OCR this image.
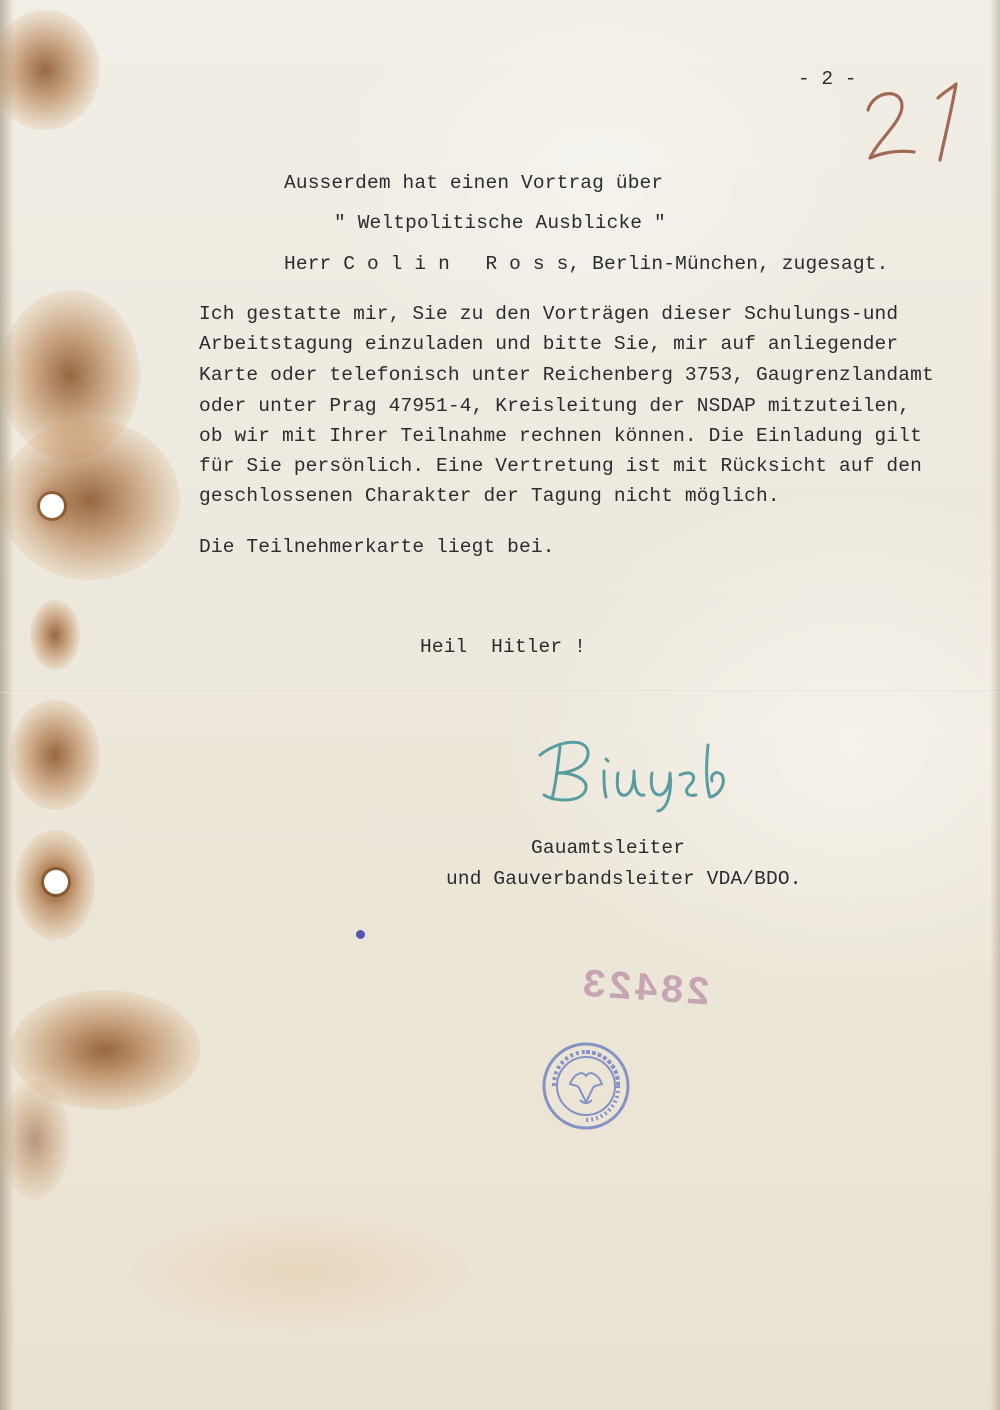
- 2 -
Ausserdem hat einen Vortrag über
" Weltpolitische Ausblicke "
Herr C o l i n   R o s s, Berlin-München, zugesagt.
Ich gestatte mir, Sie zu den Vorträgen dieser Schulungs-und
Arbeitstagung einzuladen und bitte Sie, mir auf anliegender
Karte oder telefonisch unter Reichenberg 3753, Gaugrenzlandamt
oder unter Prag 47951-4, Kreisleitung der NSDAP mitzuteilen,
ob wir mit Ihrer Teilnahme rechnen können. Die Einladung gilt
für Sie persönlich. Eine Vertretung ist mit Rücksicht auf den
geschlossenen Charakter der Tagung nicht möglich.
Die Teilnehmerkarte liegt bei.
Heil  Hitler !
Gauamtsleiter
und Gauverbandsleiter VDA/BDO.
28423
